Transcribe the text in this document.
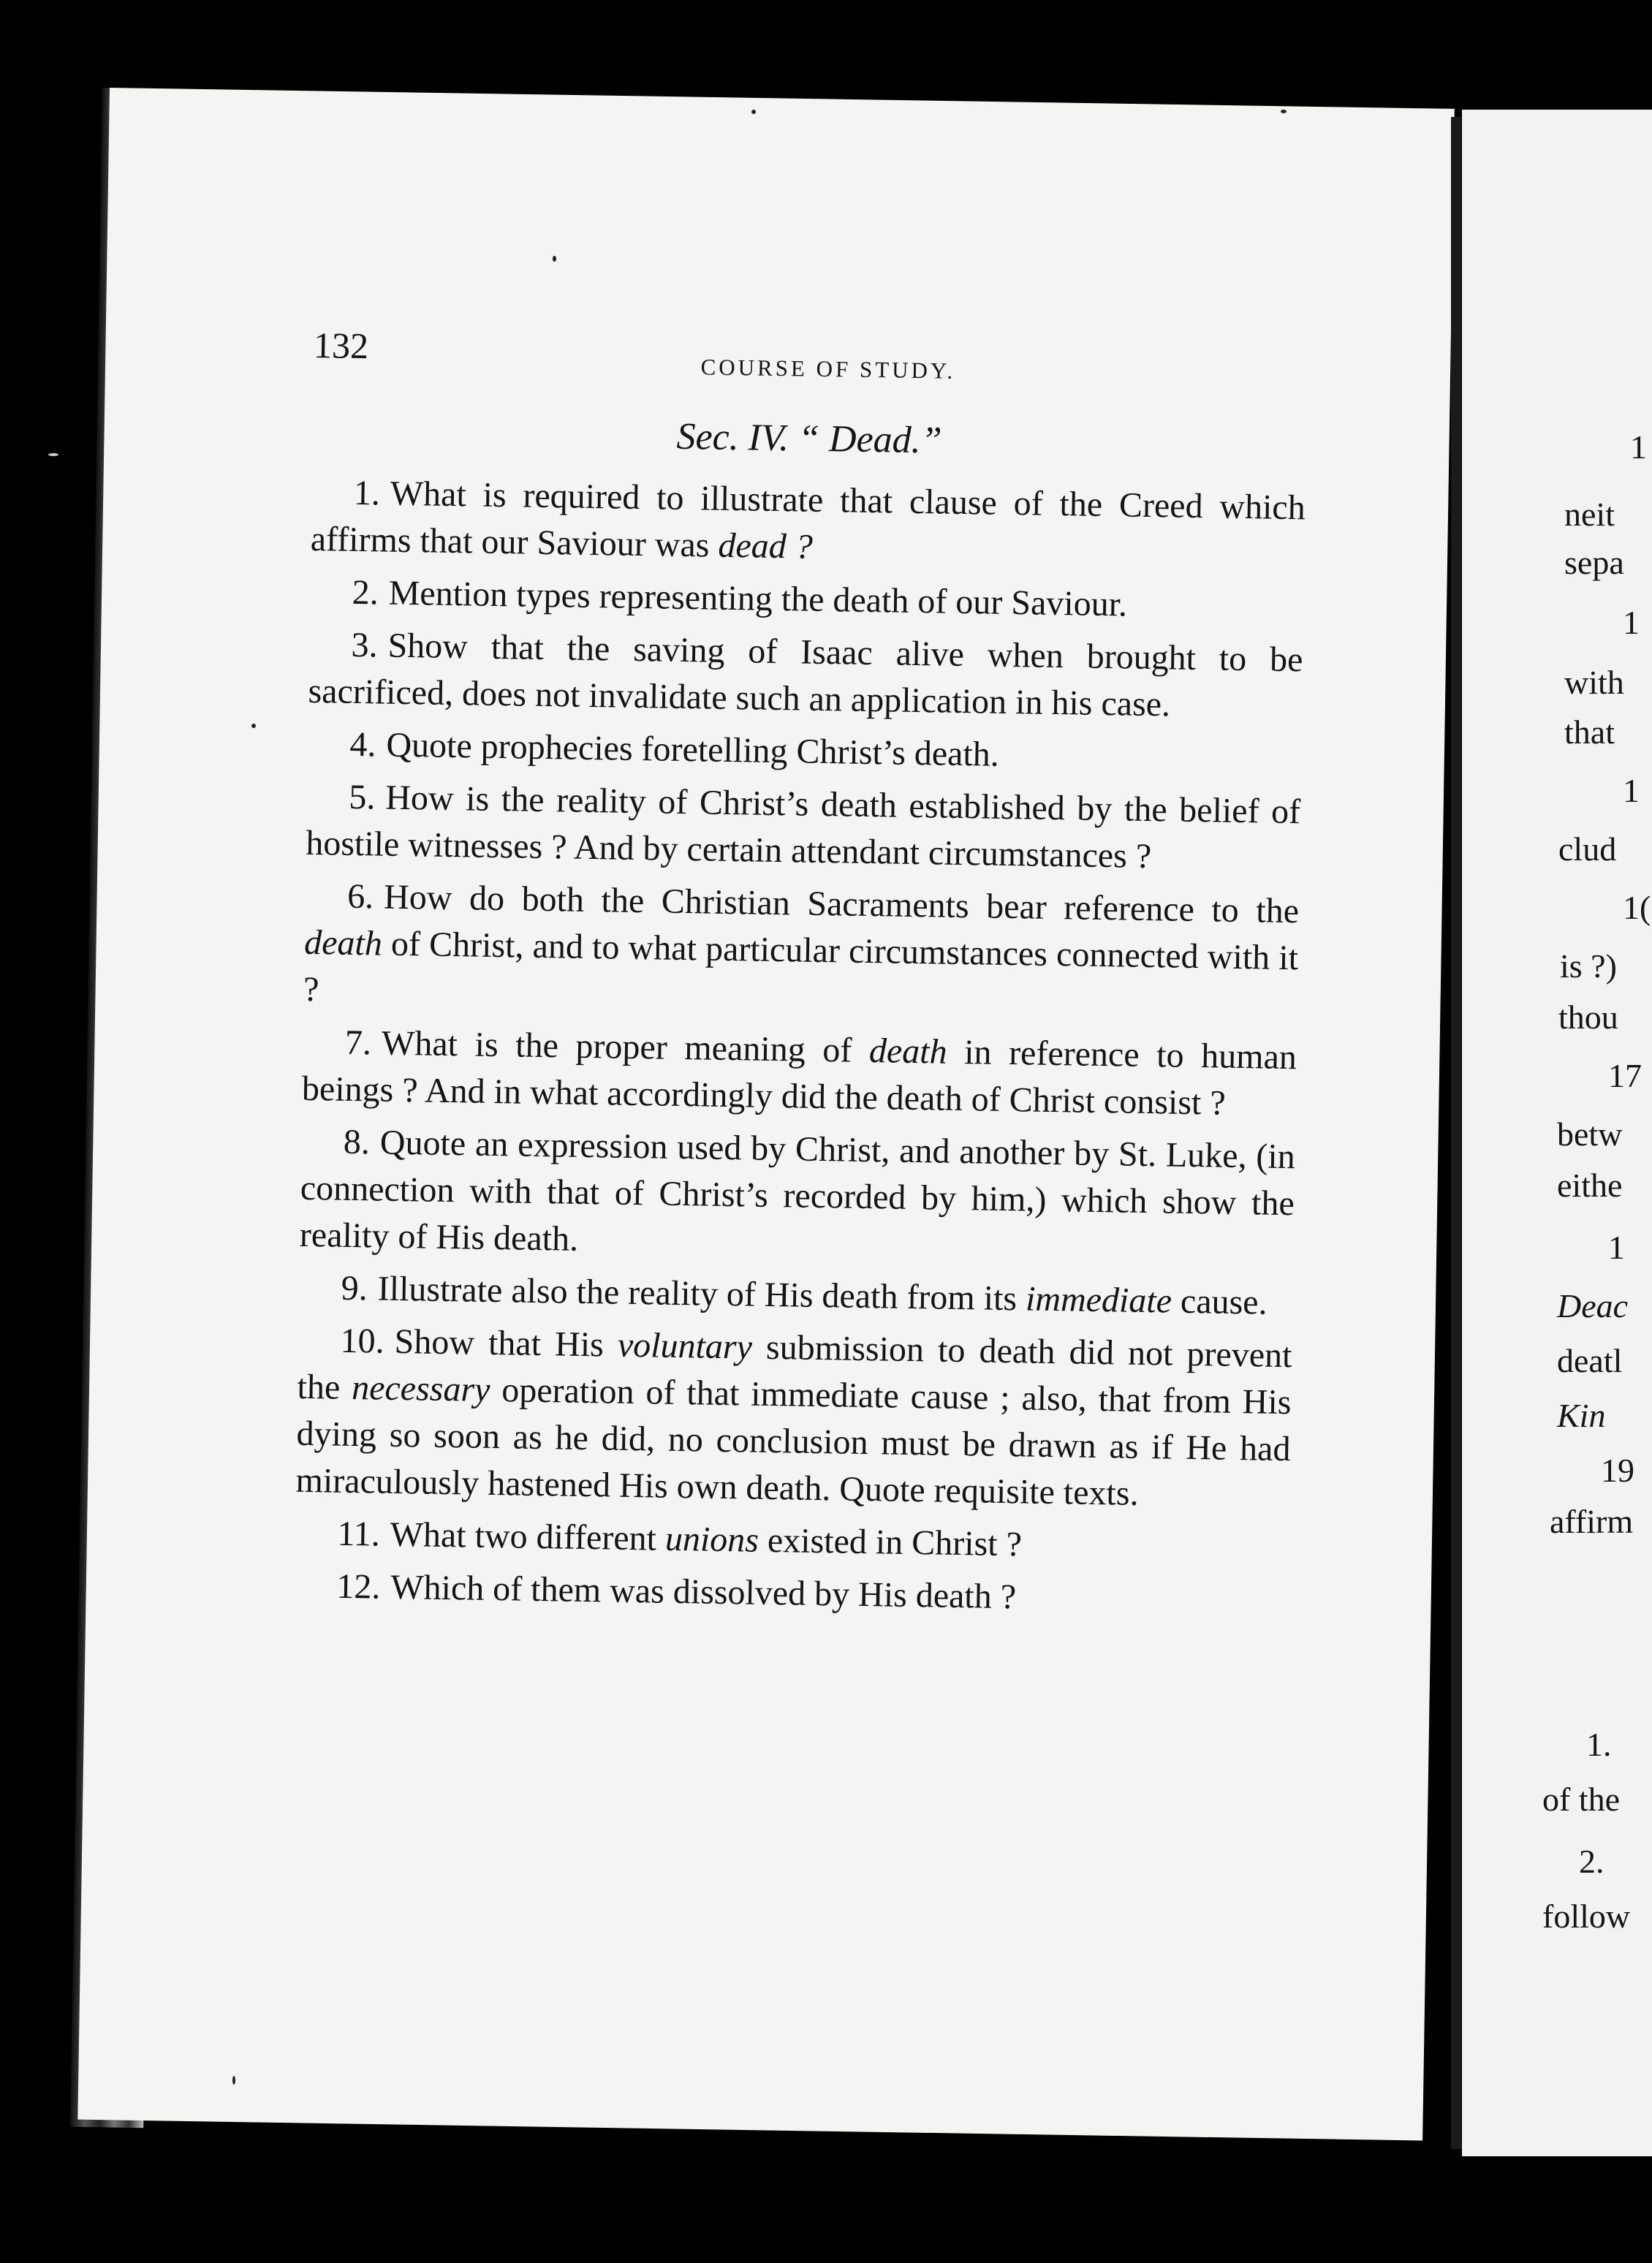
132
COURSE OF STUDY.
Sec. IV. “ Dead.”

1. What is required to illustrate that clause of the Creed which affirms that our Saviour was dead ?

2. Mention types representing the death of our Saviour.

3. Show that the saving of Isaac alive when brought to be sacrificed, does not invalidate such an application in his case.

4. Quote prophecies foretelling Christ’s death.

5. How is the reality of Christ’s death established by the belief of hostile witnesses ? And by certain attendant circumstances ?

6. How do both the Christian Sacraments bear reference to the death of Christ, and to what particular circumstances connected with it ?

7. What is the proper meaning of death in reference to human beings ? And in what accordingly did the death of Christ consist ?

8. Quote an expression used by Christ, and another by St. Luke, (in connection with that of Christ’s recorded by him,) which show the reality of His death.

9. Illustrate also the reality of His death from its immediate cause.

10. Show that His voluntary submission to death did not prevent the necessary operation of that immediate cause ; also, that from His dying so soon as he did, no conclusion must be drawn as if He had miraculously hastened His own death. Quote requisite texts.

11. What two different unions existed in Christ ?

12. Which of them was dissolved by His death ?

1
neit
sepa
1
with
that
1
clud
1(
is ?)
thou
17
betw
eithe
1
Deac
deatl
Kin
19
affirm
1.
of the
2.
follow
